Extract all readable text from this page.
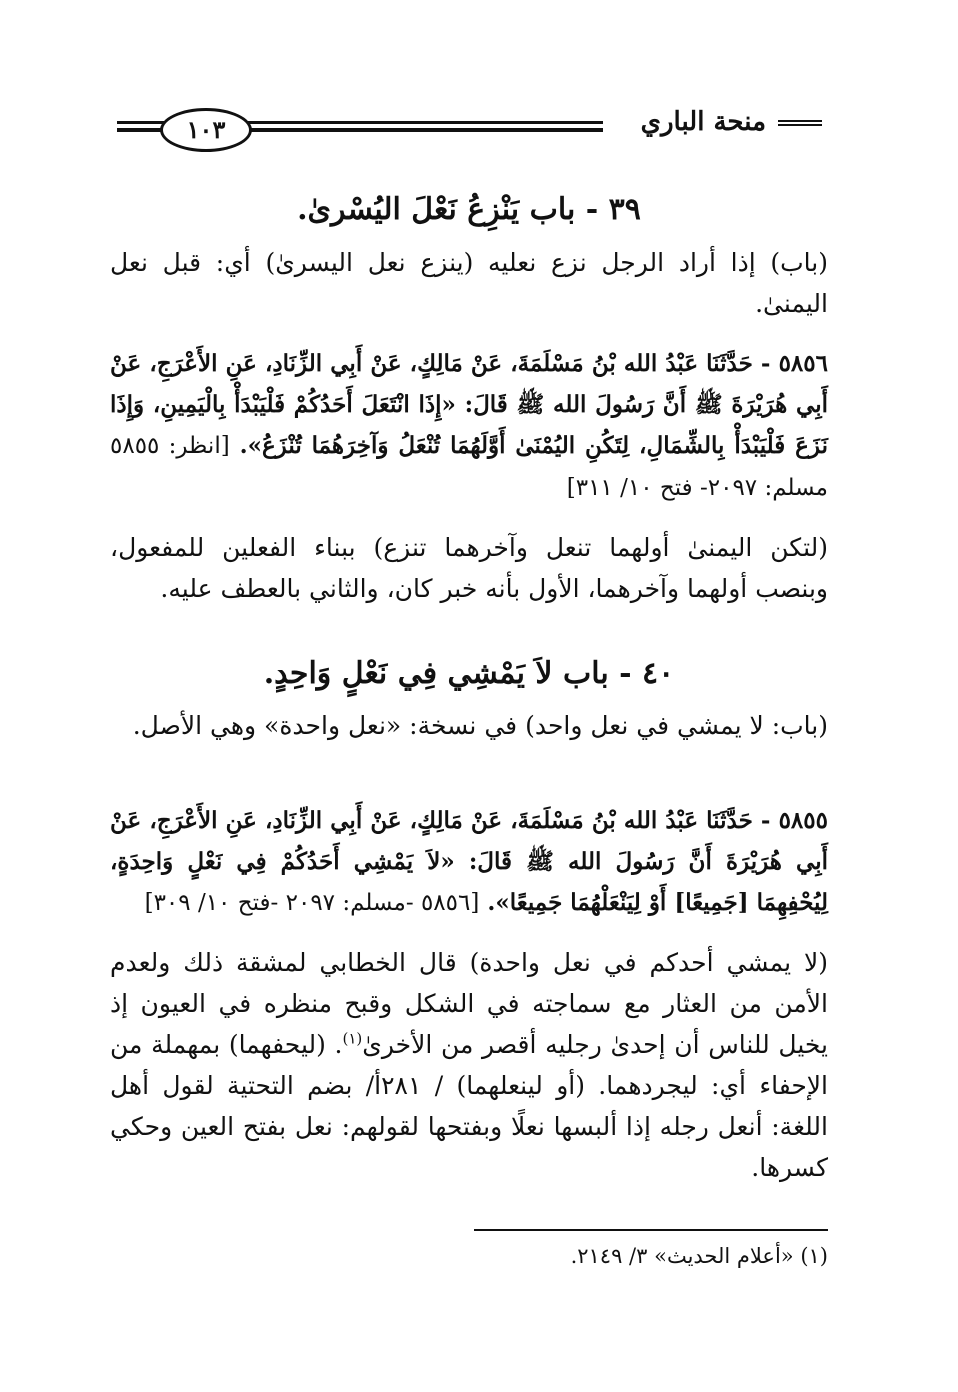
منحة الباري
١٠٣
٣٩ - باب يَنْزِعُ نَعْلَ اليُسْرىٰ.
(باب) إذا أراد الرجل نزع نعليه (ينزع نعل اليسرىٰ) أي: قبل نعل اليمنىٰ.
٥٨٥٦ - حَدَّثَنَا عَبْدُ الله بْنُ مَسْلَمَةَ، عَنْ مَالِكٍ، عَنْ أَبِي الزِّنَادِ، عَنِ الأَعْرَجِ، عَنْ أَبِي هُرَيْرَةَ ﷺ أَنَّ رَسُولَ الله ﷺ قَالَ: «إِذَا انْتَعَلَ أَحَدُكُمْ فَلْيَبْدَأْ بِالْيَمِينِ، وَإِذَا نَزَعَ فَلْيَبْدَأْ بِالشِّمَالِ، لِتَكُنِ اليُمْنَىٰ أَوَّلَهُمَا تُنْعَلُ وَآخِرَهُمَا تُنْزَعُ». [انظر: ٥٨٥٥ مسلم: ٢٠٩٧- فتح ١٠/ ٣١١]
(لتكن اليمنىٰ أولهما تنعل وآخرهما تنزع) ببناء الفعلين للمفعول، وبنصب أولهما وآخرهما، الأول بأنه خبر كان، والثاني بالعطف عليه.
٤٠ - باب لاَ يَمْشِي فِي نَعْلٍ وَاحِدٍ.
(باب: لا يمشي في نعل واحد) في نسخة: «نعل واحدة» وهي الأصل.
٥٨٥٥ - حَدَّثَنَا عَبْدُ الله بْنُ مَسْلَمَةَ، عَنْ مَالِكٍ، عَنْ أَبِي الزِّنَادِ، عَنِ الأَعْرَجِ، عَنْ أَبِي هُرَيْرَةَ أَنَّ رَسُولَ الله ﷺ قَالَ: «لاَ يَمْشِي أَحَدُكُمْ فِي نَعْلٍ وَاحِدَةٍ، لِيُحْفِهِمَا [جَمِيعًا] أَوْ لِيَنْعَلْهُمَا جَمِيعًا». [٥٨٥٦ -مسلم: ٢٠٩٧ -فتح ١٠/ ٣٠٩]
(لا يمشي أحدكم في نعل واحدة) قال الخطابي لمشقة ذلك ولعدم الأمن من العثار مع سماجته في الشكل وقبح منظره في العيون إذ يخيل للناس أن إحدىٰ رجليه أقصر من الأخرىٰ$^{(١)}$. (ليحفهما) بمهملة من الإحفاء أي: ليجردهما. (أو لينعلهما) / ٢٨١أ/ بضم التحتية لقول أهل اللغة: أنعل رجله إذا ألبسها نعلًا وبفتحها لقولهم: نعل بفتح العين وحكي كسرها.
(١) «أعلام الحديث» ٣/ ٢١٤٩.
